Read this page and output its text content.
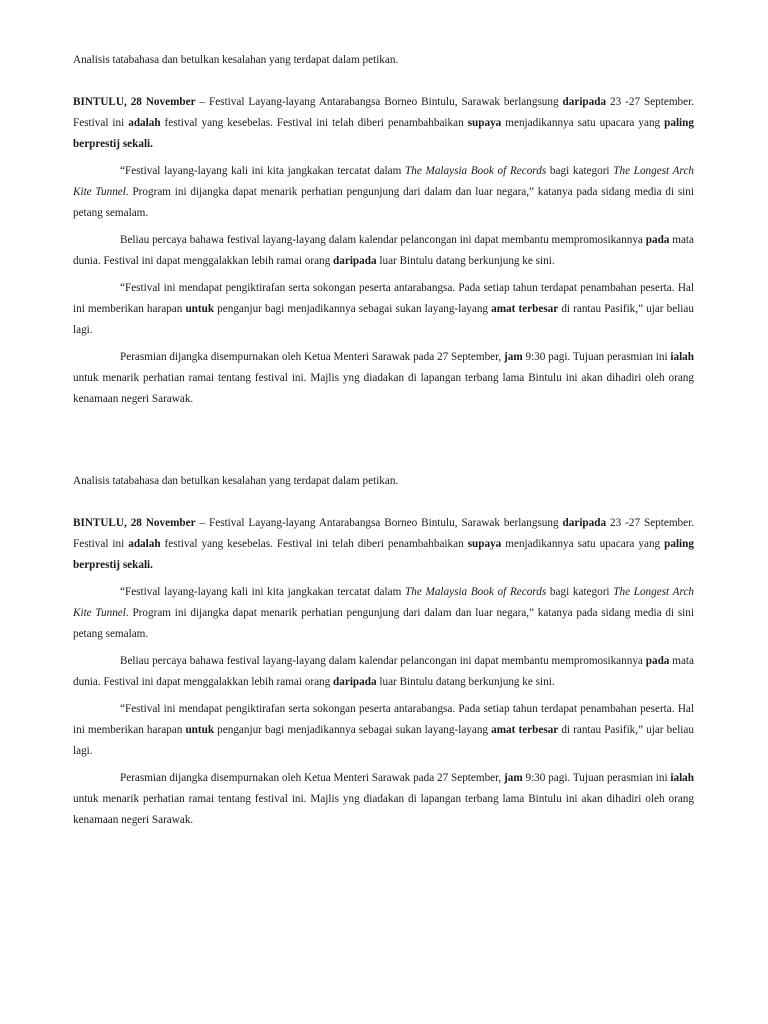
Analisis tatabahasa dan betulkan kesalahan yang terdapat dalam petikan.

BINTULU, 28 November – Festival Layang-layang Antarabangsa Borneo Bintulu, Sarawak berlangsung daripada 23 -27 September. Festival ini adalah festival yang kesebelas. Festival ini telah diberi penambahbaikan supaya menjadikannya satu upacara yang paling berprestij sekali.

“Festival layang-layang kali ini kita jangkakan tercatat dalam The Malaysia Book of Records bagi kategori The Longest Arch Kite Tunnel. Program ini dijangka dapat menarik perhatian pengunjung dari dalam dan luar negara,” katanya pada sidang media di sini petang semalam.

Beliau percaya bahawa festival layang-layang dalam kalendar pelancongan ini dapat membantu mempromosikannya pada mata dunia. Festival ini dapat menggalakkan lebih ramai orang daripada luar Bintulu datang berkunjung ke sini.

“Festival ini mendapat pengiktirafan serta sokongan peserta antarabangsa. Pada setiap tahun terdapat penambahan peserta. Hal ini memberikan harapan untuk penganjur bagi menjadikannya sebagai sukan layang-layang amat terbesar di rantau Pasifik,” ujar beliau lagi.

Perasmian dijangka disempurnakan oleh Ketua Menteri Sarawak pada 27 September, jam 9:30 pagi. Tujuan perasmian ini ialah untuk menarik perhatian ramai tentang festival ini. Majlis yng diadakan di lapangan terbang lama Bintulu ini akan dihadiri oleh orang kenamaan negeri Sarawak.

Analisis tatabahasa dan betulkan kesalahan yang terdapat dalam petikan.

BINTULU, 28 November – Festival Layang-layang Antarabangsa Borneo Bintulu, Sarawak berlangsung daripada 23 -27 September. Festival ini adalah festival yang kesebelas. Festival ini telah diberi penambahbaikan supaya menjadikannya satu upacara yang paling berprestij sekali.

“Festival layang-layang kali ini kita jangkakan tercatat dalam The Malaysia Book of Records bagi kategori The Longest Arch Kite Tunnel. Program ini dijangka dapat menarik perhatian pengunjung dari dalam dan luar negara,” katanya pada sidang media di sini petang semalam.

Beliau percaya bahawa festival layang-layang dalam kalendar pelancongan ini dapat membantu mempromosikannya pada mata dunia. Festival ini dapat menggalakkan lebih ramai orang daripada luar Bintulu datang berkunjung ke sini.

“Festival ini mendapat pengiktirafan serta sokongan peserta antarabangsa. Pada setiap tahun terdapat penambahan peserta. Hal ini memberikan harapan untuk penganjur bagi menjadikannya sebagai sukan layang-layang amat terbesar di rantau Pasifik,” ujar beliau lagi.

Perasmian dijangka disempurnakan oleh Ketua Menteri Sarawak pada 27 September, jam 9:30 pagi. Tujuan perasmian ini ialah untuk menarik perhatian ramai tentang festival ini. Majlis yng diadakan di lapangan terbang lama Bintulu ini akan dihadiri oleh orang kenamaan negeri Sarawak.
